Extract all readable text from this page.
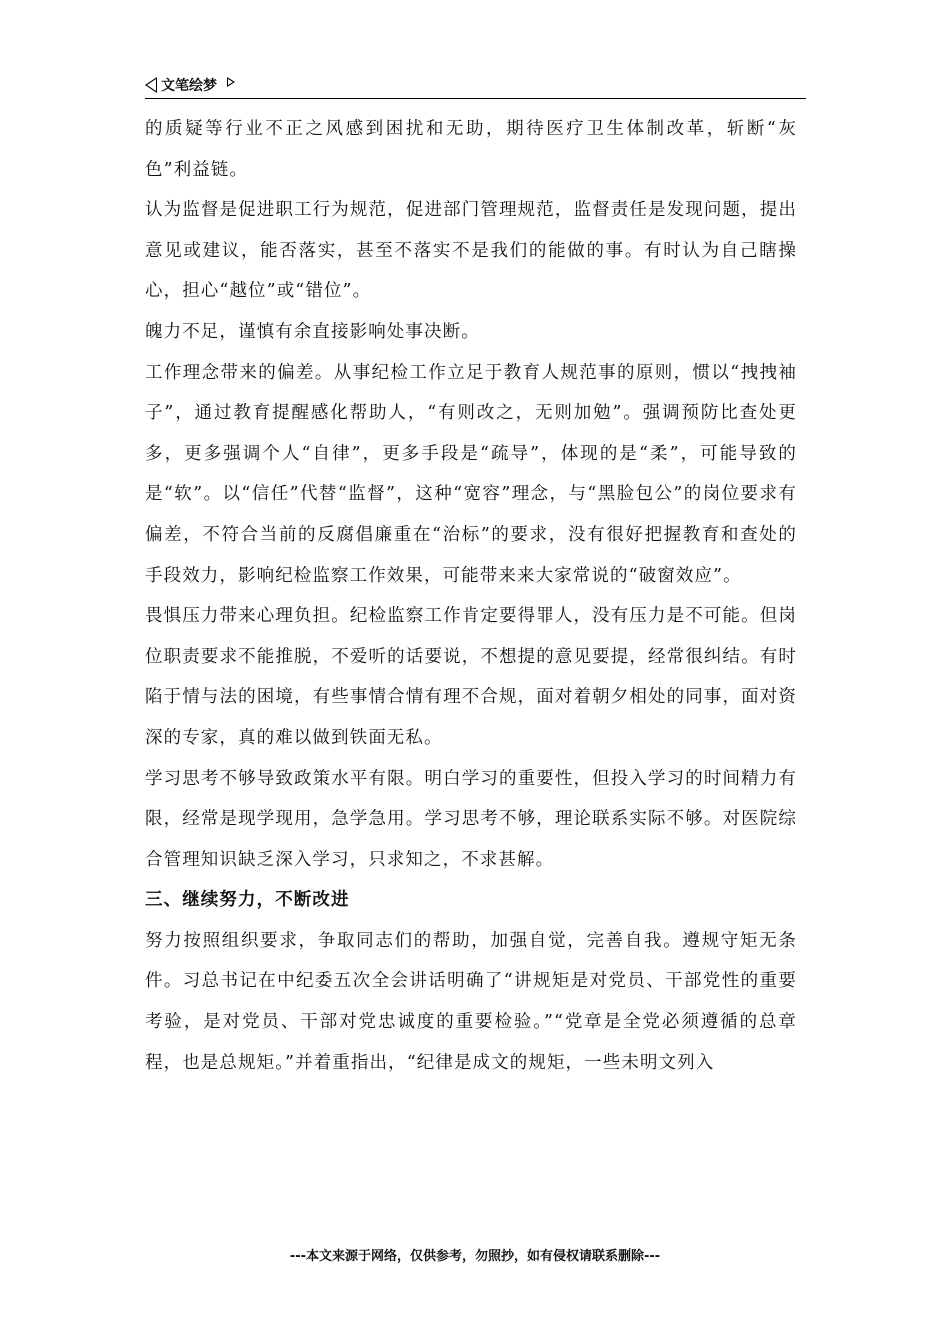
文笔绘梦

的质疑等行业不正之风感到困扰和无助，期待医疗卫生体制改革，斩断“灰色”利益链。

认为监督是促进职工行为规范，促进部门管理规范，监督责任是发现问题，提出意见或建议，能否落实，甚至不落实不是我们的能做的事。有时认为自己瞎操心，担心“越位”或“错位”。

魄力不足，谨慎有余直接影响处事决断。

工作理念带来的偏差。从事纪检工作立足于教育人规范事的原则，惯以“拽拽袖子”，通过教育提醒感化帮助人，“有则改之，无则加勉”。强调预防比查处更多，更多强调个人“自律”，更多手段是“疏导”，体现的是“柔”，可能导致的是“软”。以“信任”代替“监督”，这种“宽容”理念，与“黑脸包公”的岗位要求有偏差，不符合当前的反腐倡廉重在“治标”的要求，没有很好把握教育和查处的手段效力，影响纪检监察工作效果，可能带来来大家常说的“破窗效应”。

畏惧压力带来心理负担。纪检监察工作肯定要得罪人，没有压力是不可能。但岗位职责要求不能推脱，不爱听的话要说，不想提的意见要提，经常很纠结。有时陷于情与法的困境，有些事情合情有理不合规，面对着朝夕相处的同事，面对资深的专家，真的难以做到铁面无私。

学习思考不够导致政策水平有限。明白学习的重要性，但投入学习的时间精力有限，经常是现学现用，急学急用。学习思考不够，理论联系实际不够。对医院综合管理知识缺乏深入学习，只求知之，不求甚解。

三、继续努力，不断改进

努力按照组织要求，争取同志们的帮助，加强自觉，完善自我。遵规守矩无条件。习总书记在中纪委五次全会讲话明确了“讲规矩是对党员、干部党性的重要考验，是对党员、干部对党忠诚度的重要检验。”“党章是全党必须遵循的总章程，也是总规矩。”并着重指出，“纪律是成文的规矩，一些未明文列入

---本文来源于网络，仅供参考，勿照抄，如有侵权请联系删除---
